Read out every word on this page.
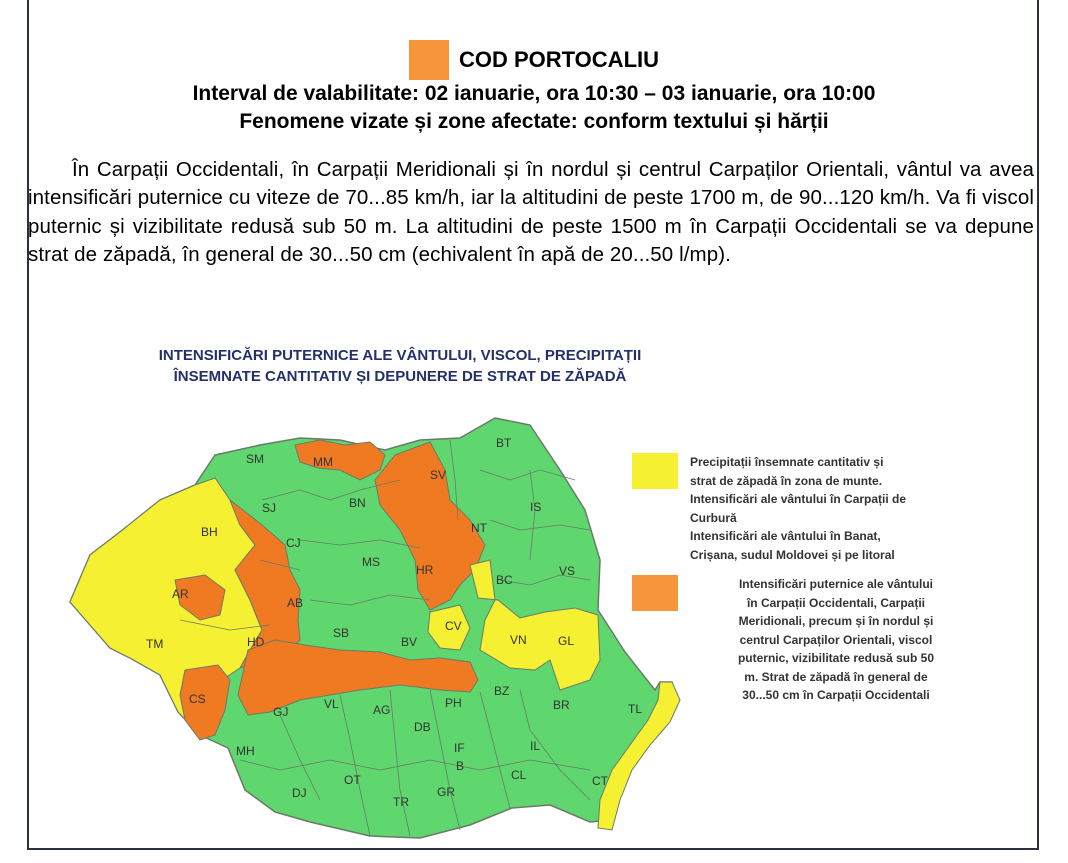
COD PORTOCALIU
Interval de valabilitate: 02 ianuarie, ora 10:30 – 03 ianuarie, ora 10:00
Fenomene vizate și zone afectate: conform textului și hărții
În Carpații Occidentali, în Carpații Meridionali și în nordul și centrul Carpaților Orientali, vântul va avea intensificări puternice cu viteze de 70...85 km/h, iar la altitudini de peste 1700 m, de 90...120 km/h. Va fi viscol puternic și vizibilitate redusă sub 50 m. La altitudini de peste 1500 m în Carpații Occidentali se va depune strat de zăpadă, în general de 30...50 cm (echivalent în apă de 20...50 l/mp).
INTENSIFICĂRI PUTERNICE ALE VÂNTULUI, VISCOL, PRECIPITAȚII
ÎNSEMNATE CANTITATIV ȘI DEPUNERE DE STRAT DE ZĂPADĂ
SM	MM
BT
SV
BN
SJ	IS
BH
CJ
NT
MS
HR	VS
AR
AB
BC
TM	HD
SB	CV
VN	GL
BV
CS
GJ
VL	AG	PH
BZ
BR	TL
DB
MH	IF
B
IL
OT
DJ
TR
GR
CL	CT
Precipitații însemnate cantitativ și
strat de zăpadă în zona de munte.
Intensificări ale vântului în Carpații de
Curbură
Intensificări ale vântului în Banat,
Crișana, sudul Moldovei și pe litoral
Intensificări puternice ale vântului
în Carpații Occidentali, Carpații
Meridionali, precum și în nordul și
centrul Carpaților Orientali, viscol
puternic, vizibilitate redusă sub 50
m. Strat de zăpadă în general de
30...50 cm în Carpații Occidentali
